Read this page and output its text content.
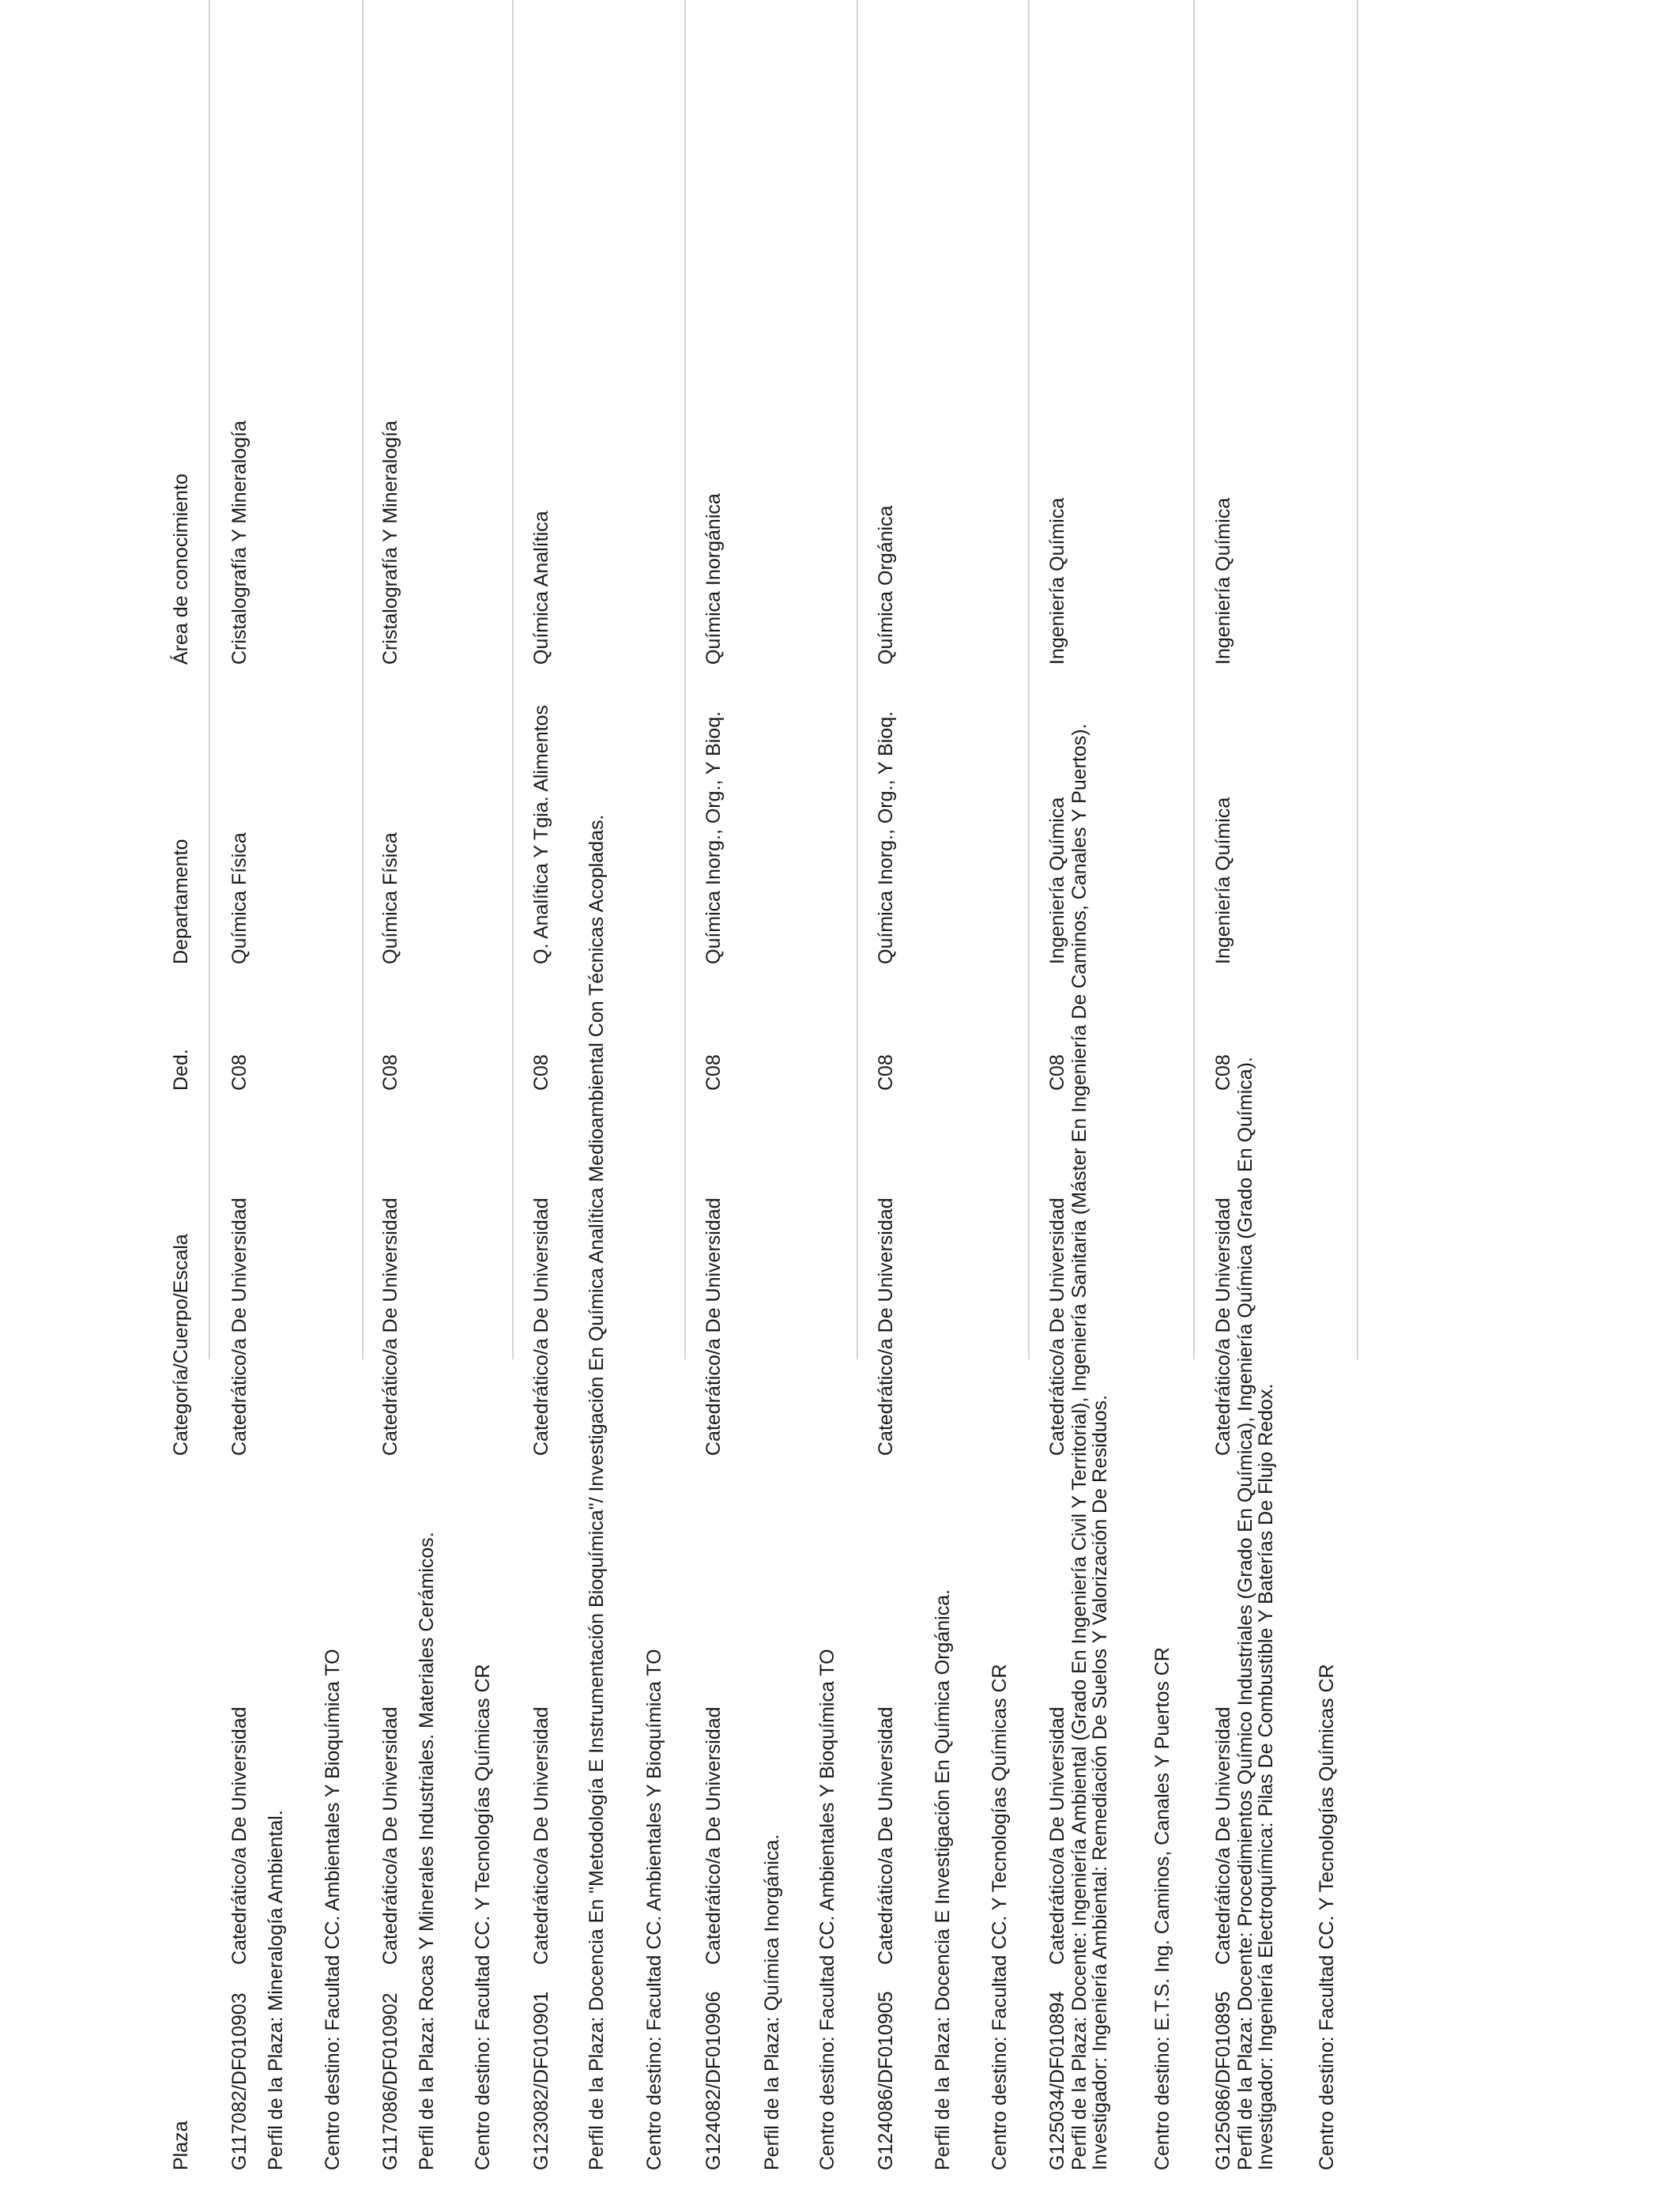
Plaza
Categoría/Cuerpo/Escala
Ded.
Departamento
Área de conocimiento
G117082/DF010903
Catedrático/a De Universidad
Catedrático/a De Universidad
C08
Química Física
Cristalografía Y Mineralogía
Perfil de la Plaza: Mineralogía Ambiental. Centro destino: Facultad CC. Ambientales Y Bioquímica TO G117086/DF010902
Catedrático/a De Universidad
Catedrático/a De Universidad
C08
Química Física
Cristalografía Y Mineralogía
Perfil de la Plaza: Rocas Y Minerales Industriales. Materiales Cerámicos. Centro destino: Facultad CC. Y Tecnologías Químicas CR G123082/DF010901
Catedrático/a De Universidad
Catedrático/a De Universidad
C08
Q. Analítica Y Tgia. Alimentos
Química Analítica
Perfil de la Plaza: Docencia En "Metodología E Instrumentación Bioquímica"/ Investigación En Química Analítica Medioambiental Con Técnicas Acopladas. Centro destino: Facultad CC. Ambientales Y Bioquímica TO G124082/DF010906
Catedrático/a De Universidad
Catedrático/a De Universidad
C08
Química Inorg., Org., Y Bioq.
Química Inorgánica
Perfil de la Plaza: Química Inorgánica. Centro destino: Facultad CC. Ambientales Y Bioquímica TO G124086/DF010905
Catedrático/a De Universidad
Catedrático/a De Universidad
C08
Química Inorg., Org., Y Bioq.
Química Orgánica
Perfil de la Plaza: Docencia E Investigación En Química Orgánica. Centro destino: Facultad CC. Y Tecnologías Químicas CR G125034/DF010894
Catedrático/a De Universidad
Catedrático/a De Universidad
C08
Ingeniería Química
Ingeniería Química
Perfil de la Plaza: Docente: Ingeniería Ambiental (Grado En Ingeniería Civil Y Territorial), Ingeniería Sanitaria (Máster En Ingeniería De Caminos, Canales Y Puertos).
Investigador: Ingeniería Ambiental: Remediación De Suelos Y Valorización De Residuos. Centro destino: E.T.S. Ing. Caminos, Canales Y Puertos CR G125086/DF010895
Catedrático/a De Universidad
Catedrático/a De Universidad
C08
Ingeniería Química
Ingeniería Química
Perfil de la Plaza: Docente: Procedimientos Químico Industriales (Grado En Química), Ingeniería Química (Grado En Química).
Investigador: Ingeniería Electroquímica: Pilas De Combustible Y Baterías De Flujo Redox. Centro destino: Facultad CC. Y Tecnologías Químicas CR
